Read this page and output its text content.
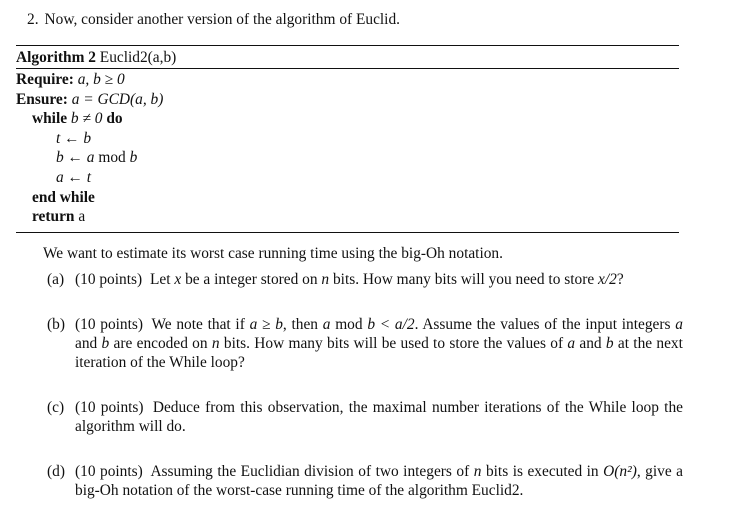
2. Now, consider another version of the algorithm of Euclid.
Algorithm 2 Euclid2(a,b)
Require: a, b ≥ 0
Ensure: a = GCD(a, b)
while b ≠ 0 do
t ← b
b ← a mod b
a ← t
end while
return a
We want to estimate its worst case running time using the big-Oh notation.
(a) (10 points) Let x be a integer stored on n bits. How many bits will you need to store x/2?
(b) (10 points) We note that if a ≥ b, then a mod b < a/2. Assume the values of the input integers a and b are encoded on n bits. How many bits will be used to store the values of a and b at the next iteration of the While loop?
(c) (10 points) Deduce from this observation, the maximal number iterations of the While loop the algorithm will do.
(d) (10 points) Assuming the Euclidian division of two integers of n bits is executed in O(n²), give a big-Oh notation of the worst-case running time of the algorithm Euclid2.
